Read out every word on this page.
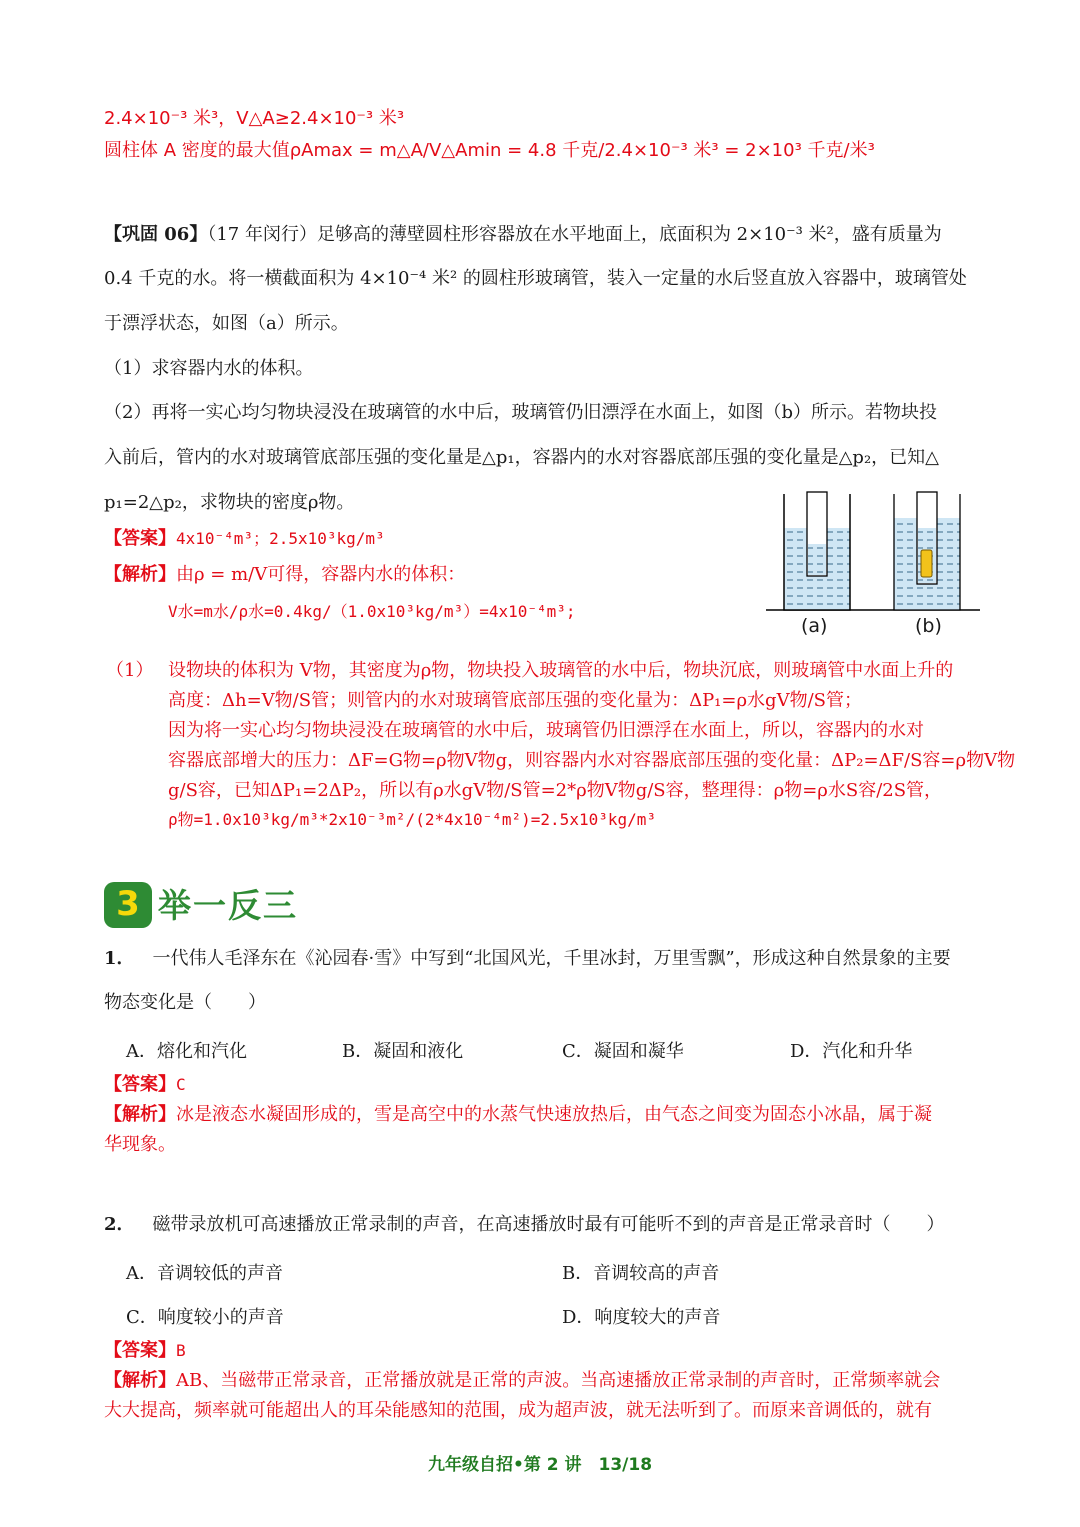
2.4×10⁻³ 米³，V△A≥2.4×10⁻³ 米³
圆柱体 A 密度的最大值ρAmax = m△A/V△Amin = 4.8 千克/2.4×10⁻³ 米³ = 2×10³ 千克/米³
【巩固 06】（17 年闵行）足够高的薄壁圆柱形容器放在水平地面上，底面积为 2×10⁻³ 米²，盛有质量为
0.4 千克的水。将一横截面积为 4×10⁻⁴ 米² 的圆柱形玻璃管，装入一定量的水后竖直放入容器中，玻璃管处
于漂浮状态，如图（a）所示。
（1）求容器内水的体积。
（2）再将一实心均匀物块浸没在玻璃管的水中后，玻璃管仍旧漂浮在水面上，如图（b）所示。若物块投
入前后，管内的水对玻璃管底部压强的变化量是△p₁，容器内的水对容器底部压强的变化量是△p₂，已知△
p₁=2△p₂，求物块的密度ρ物。
【答案】4x10⁻⁴m³；2.5x10³kg/m³
【解析】由ρ = m/V可得，容器内水的体积：
V水=m水/ρ水=0.4kg/（1.0x10³kg/m³）=4x10⁻⁴m³;
(a)	(b)
（1） 设物块的体积为 V物，其密度为ρ物，物块投入玻璃管的水中后，物块沉底，则玻璃管中水面上升的
高度：Δh=V物/S管；则管内的水对玻璃管底部压强的变化量为：ΔP₁=ρ水gV物/S管；
因为将一实心均匀物块浸没在玻璃管的水中后，玻璃管仍旧漂浮在水面上，所以，容器内的水对
容器底部增大的压力：ΔF=G物=ρ物V物g，则容器内水对容器底部压强的变化量：ΔP₂=ΔF/S容=ρ物V物
g/S容，已知ΔP₁=2ΔP₂，所以有ρ水gV物/S管=2*ρ物V物g/S容，整理得：ρ物=ρ水S容/2S管，
ρ物=1.0x10³kg/m³*2x10⁻³m²/(2*4x10⁻⁴m²)=2.5x10³kg/m³
3 举一反三
1． 一代伟人毛泽东在《沁园春·雪》中写到“北国风光，千里冰封，万里雪飘”，形成这种自然景象的主要
物态变化是（　　）
A．熔化和汽化	B．凝固和液化	C．凝固和凝华	D．汽化和升华
【答案】C
【解析】冰是液态水凝固形成的，雪是高空中的水蒸气快速放热后，由气态之间变为固态小冰晶，属于凝
华现象。
2． 磁带录放机可高速播放正常录制的声音，在高速播放时最有可能听不到的声音是正常录音时（　　）
A．音调较低的声音	B．音调较高的声音
C．响度较小的声音	D．响度较大的声音
【答案】B
【解析】AB、当磁带正常录音，正常播放就是正常的声波。当高速播放正常录制的声音时，正常频率就会
大大提高，频率就可能超出人的耳朵能感知的范围，成为超声波，就无法听到了。而原来音调低的，就有
九年级自招•第 2 讲　13/18
